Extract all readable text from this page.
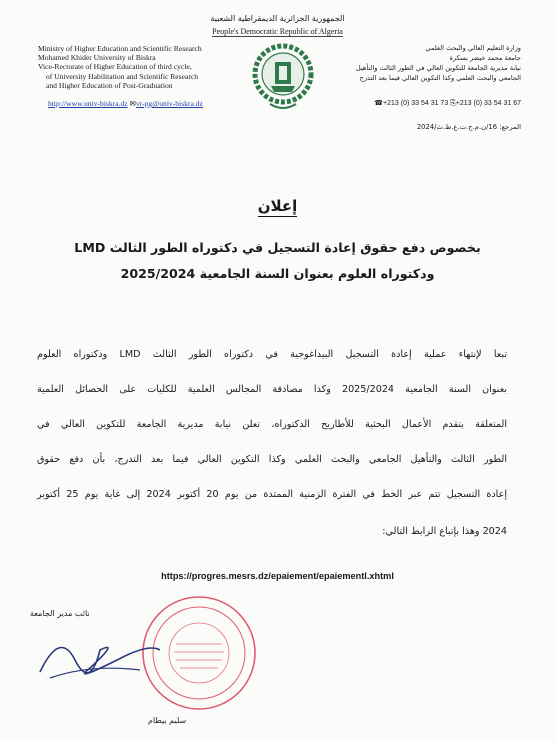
الجمهورية الجزائرية الديمقراطية الشعبية
People's Democratic Republic of Algeria
Ministry of Higher Education and Scientific Research
Mohamed Khider University of Biskra
Vice-Rectorate of Higher Education of third cycle,
of University Habilitation and Scientific Research
and Higher Education of Post-Graduation
http://www.univ-biskra.dz ✉vr-pg@univ-biskra.dz
وزارة التعليم العالي والبحث العلمي
جامعة محمد خيضر بسكرة
نيابة مديرية الجامعة للتكوين العالي في الطور الثالث والتأهيل
الجامعي والبحث العلمي وكذا التكوين العالي فيما بعد التدرج
☎+213 (0) 33 54 31 73 ⎘+213 (0) 33 54 31 67
المرجع: 16/ن.م.ج.ت.ع.ط.ث/2024
إعلان
بخصوص دفع حقوق إعادة التسجيل في دكتوراه الطور الثالث LMD
ودكتوراه العلوم بعنوان السنة الجامعية 2025/2024
تبعا لإنتهاء عملية إعادة التسجيل البيداغوجية في دكتوراه الطور الثالث LMD ودكتوراه العلوم
بعنوان السنة الجامعية 2025/2024 وكذا مصادقة المجالس العلمية للكليات على الحصائل العلمية
المتعلقة بتقدم الأعمال البحثية للأطاريح الدكتوراه، تعلن نيابة مديرية الجامعة للتكوين العالي في
الطور الثالث والتأهيل الجامعي والبحث العلمي وكذا التكوين العالي فيما بعد التدرج، بأن دفع حقوق
إعادة التسجيل تتم عبر الخط في الفترة الزمنية الممتدة من يوم 20 أكتوبر 2024 إلى غاية يوم 25 أكتوبر
2024 وهذا بإتباع الرابط التالي:
https://progres.mesrs.dz/epaiement/epaiementl.xhtml
نائب مدير الجامعة
سليم بيطام
